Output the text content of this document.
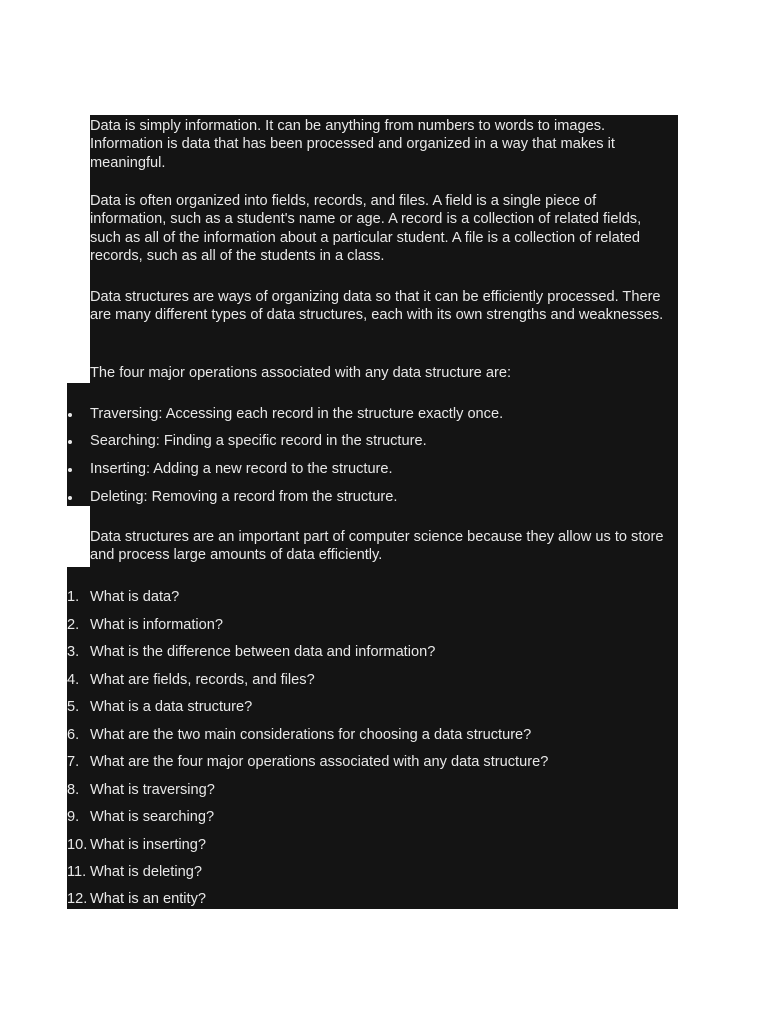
Data is simply information. It can be anything from numbers to words to images. Information is data that has been processed and organized in a way that makes it meaningful.

Data is often organized into fields, records, and files. A field is a single piece of information, such as a student's name or age. A record is a collection of related fields, such as all of the information about a particular student. A file is a collection of related records, such as all of the students in a class.

Data structures are ways of organizing data so that it can be efficiently processed. There are many different types of data structures, each with its own strengths and weaknesses.

The four major operations associated with any data structure are:

Traversing: Accessing each record in the structure exactly once.
Searching: Finding a specific record in the structure.
Inserting: Adding a new record to the structure.
Deleting: Removing a record from the structure.

Data structures are an important part of computer science because they allow us to store and process large amounts of data efficiently.

1. What is data?
2. What is information?
3. What is the difference between data and information?
4. What are fields, records, and files?
5. What is a data structure?
6. What are the two main considerations for choosing a data structure?
7. What are the four major operations associated with any data structure?
8. What is traversing?
9. What is searching?
10. What is inserting?
11. What is deleting?
12. What is an entity?
